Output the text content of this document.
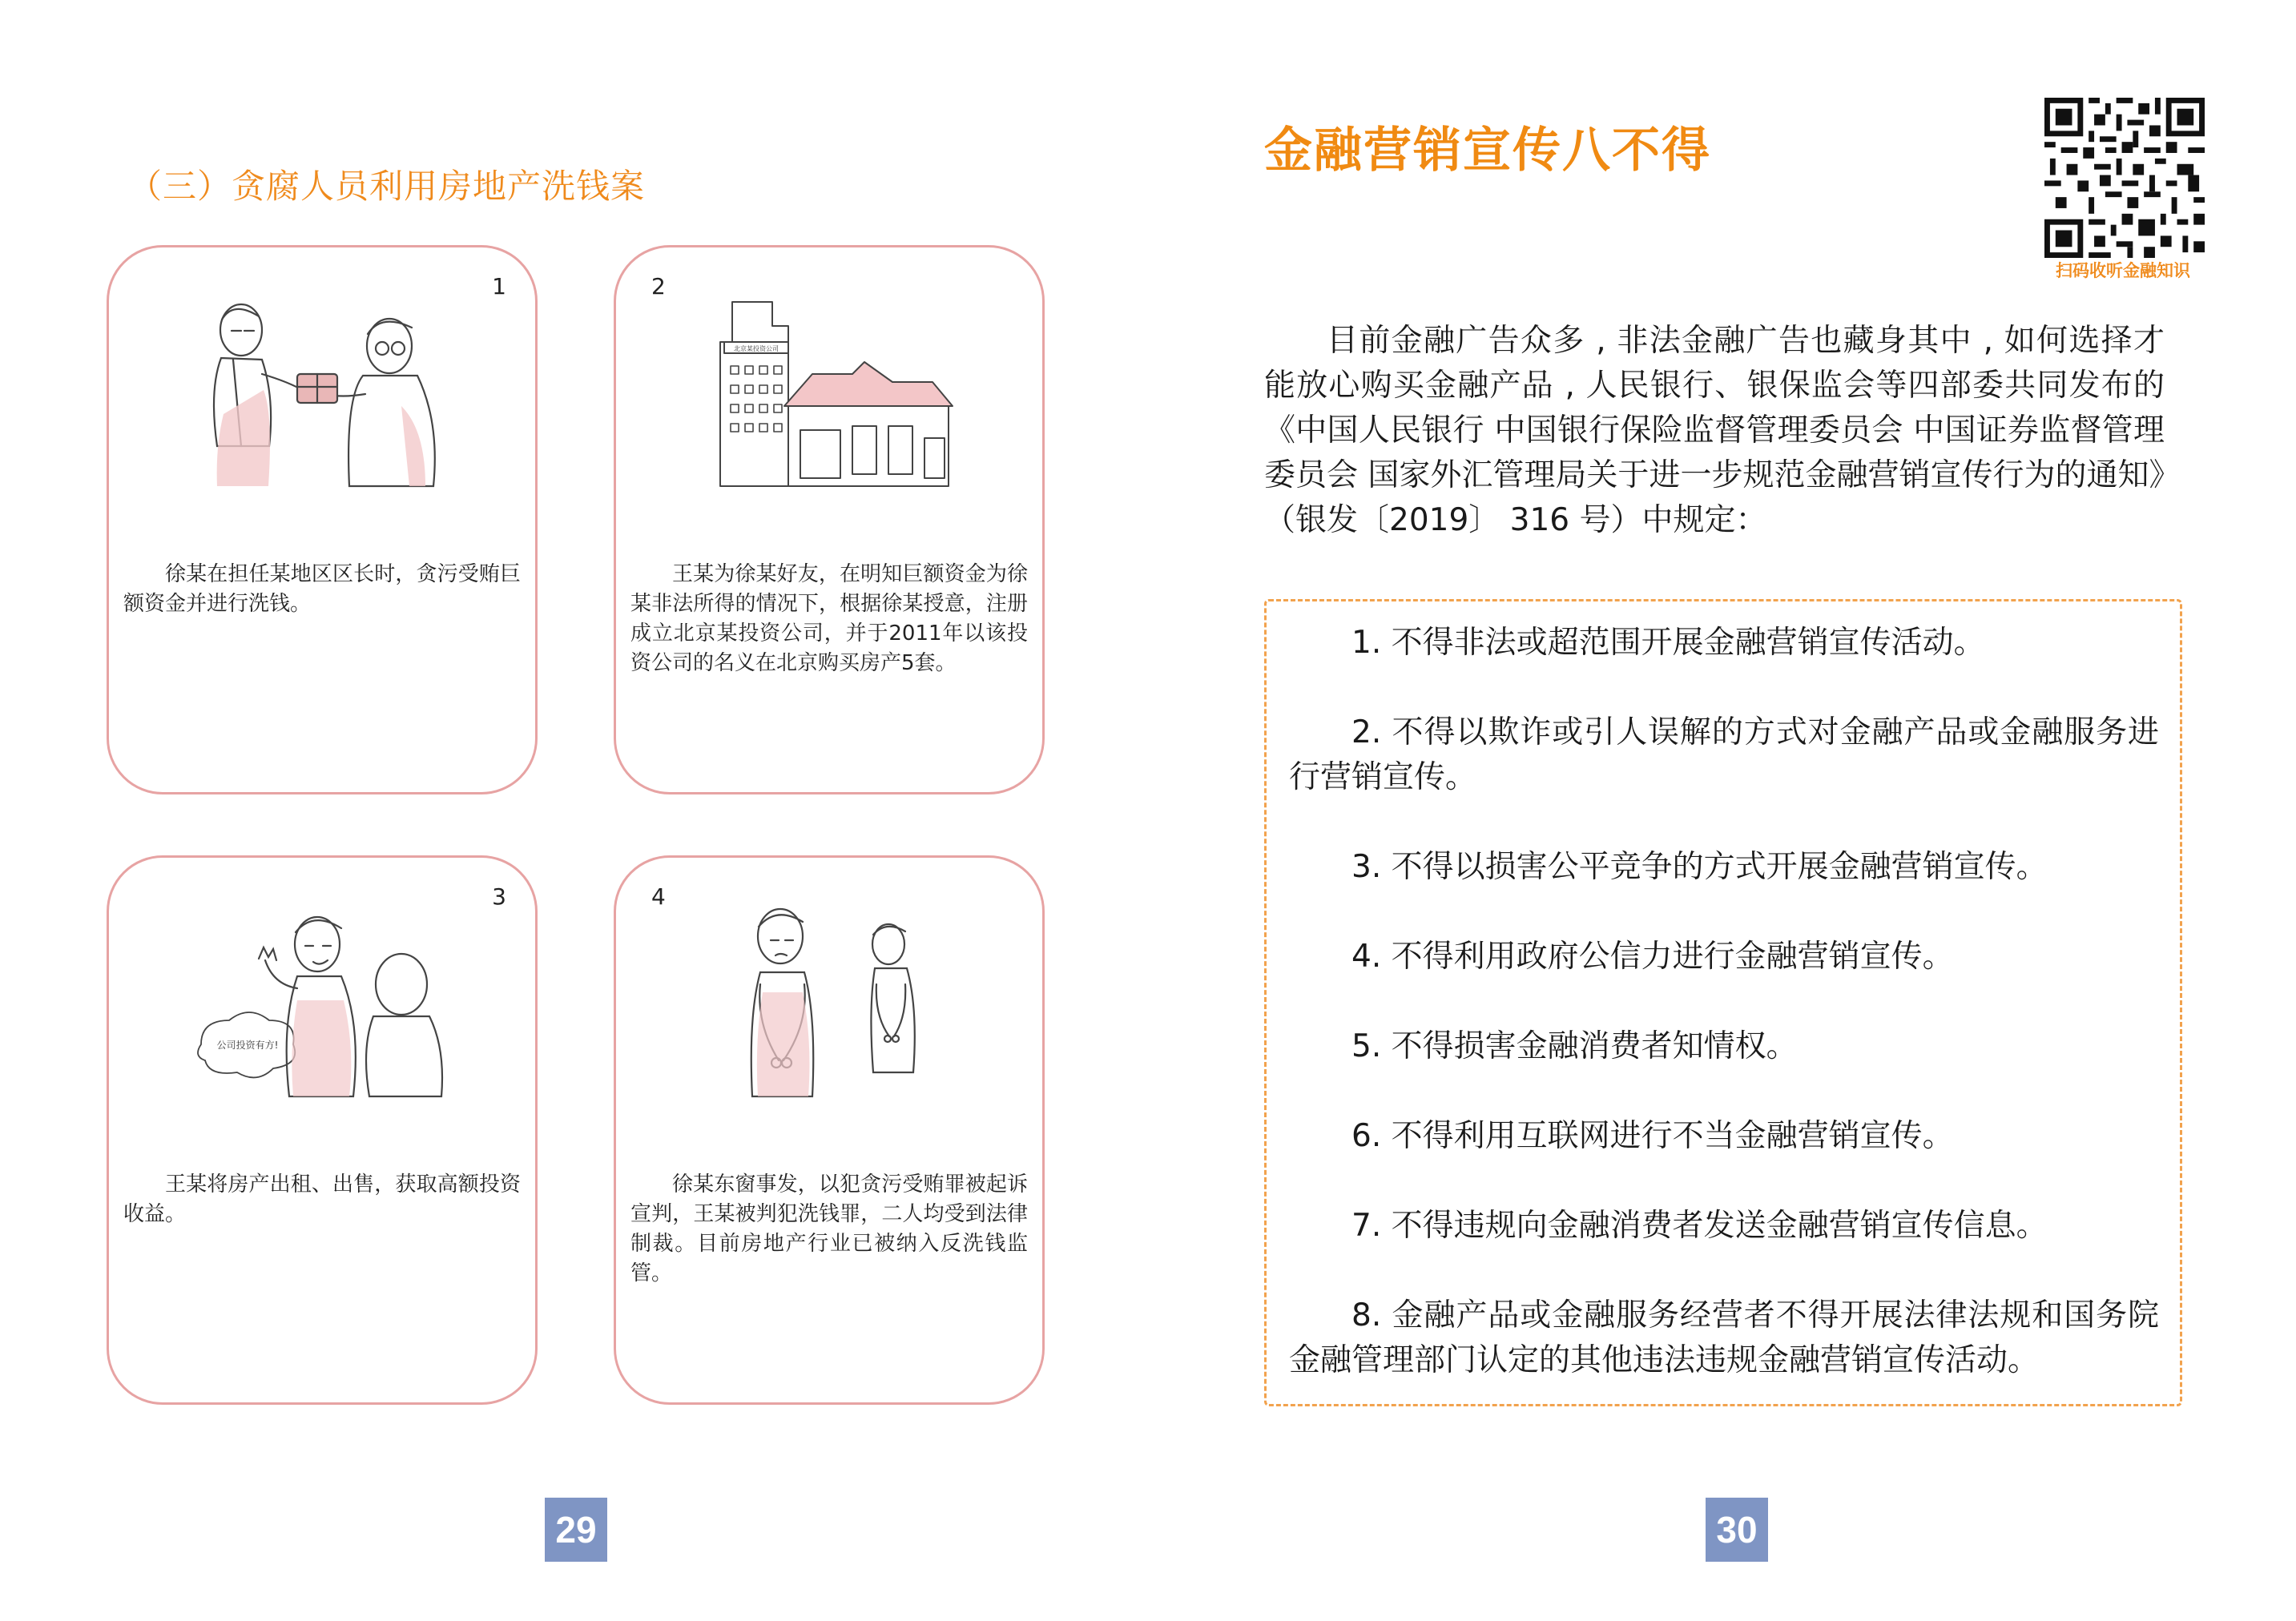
（三）贪腐人员利用房地产洗钱案
1
徐某在担任某地区区长时，贪污受贿巨额资金并进行洗钱。
2
北京某投资公司
王某为徐某好友，在明知巨额资金为徐某非法所得的情况下，根据徐某授意，注册成立北京某投资公司，并于2011年以该投资公司的名义在北京购买房产5套。
3
公司投资有方!
王某将房产出租、出售，获取高额投资收益。
4
徐某东窗事发，以犯贪污受贿罪被起诉宣判，王某被判犯洗钱罪，二人均受到法律制裁。目前房地产行业已被纳入反洗钱监管。
29
金融营销宣传八不得
扫码收听金融知识
目前金融广告众多 , 非法金融广告也藏身其中 , 如何选择才能放心购买金融产品 , 人民银行、银保监会等四部委共同发布的《中国人民银行 中国银行保险监督管理委员会 中国证券监督管理委员会 国家外汇管理局关于进一步规范金融营销宣传行为的通知》（银发〔2019〕 316 号）中规定：
1. 不得非法或超范围开展金融营销宣传活动。
2. 不得以欺诈或引人误解的方式对金融产品或金融服务进行营销宣传。
3. 不得以损害公平竞争的方式开展金融营销宣传。
4. 不得利用政府公信力进行金融营销宣传。
5. 不得损害金融消费者知情权。
6. 不得利用互联网进行不当金融营销宣传。
7. 不得违规向金融消费者发送金融营销宣传信息。
8. 金融产品或金融服务经营者不得开展法律法规和国务院金融管理部门认定的其他违法违规金融营销宣传活动。
30
